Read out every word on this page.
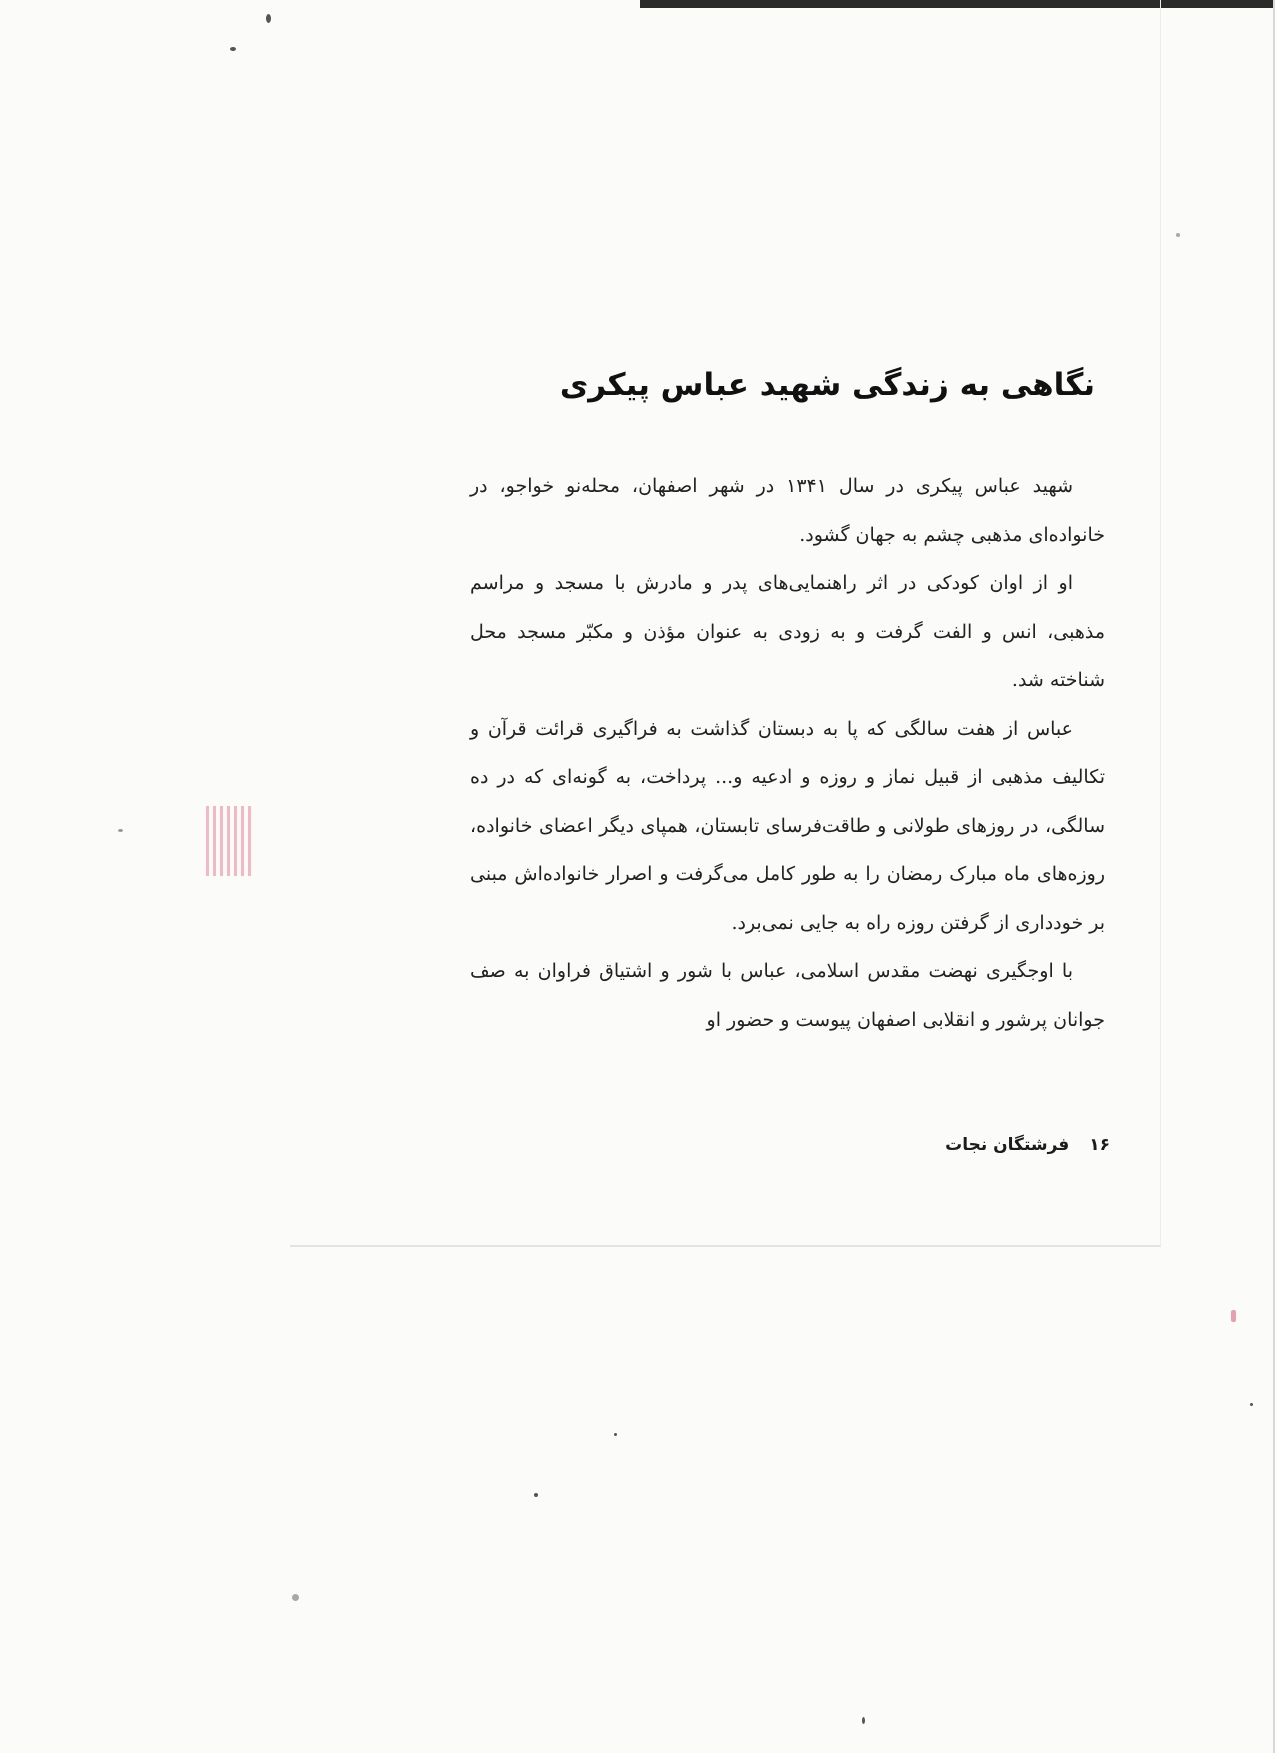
نگاهی به زندگی شهید عباس پیکری

شهید عباس پیکری در سال ۱۳۴۱ در شهر اصفهان، محله‌نو خواجو، در خانواده‌ای مذهبی چشم به جهان گشود.

او از اوان کودکی در اثر راهنمایی‌های پدر و مادرش با مسجد و مراسم مذهبی، انس و الفت گرفت و به زودی به عنوان مؤذن و مکبّر مسجد محل شناخته شد.

عباس از هفت سالگی که پا به دبستان گذاشت به فراگیری قرائت قرآن و تکالیف مذهبی از قبیل نماز و روزه و ادعیه و... پرداخت، به گونه‌ای که در ده سالگی، در روزهای طولانی و طاقت‌فرسای تابستان، همپای دیگر اعضای خانواده، روزه‌های ماه مبارک رمضان را به طور کامل می‌گرفت و اصرار خانواده‌اش مبنی بر خودداری از گرفتن روزه راه به جایی نمی‌برد.

با اوجگیری نهضت مقدس اسلامی، عباس با شور و اشتیاق فراوان به صف جوانان پرشور و انقلابی اصفهان پیوست و حضور او

۱۶ فرشتگان نجات
